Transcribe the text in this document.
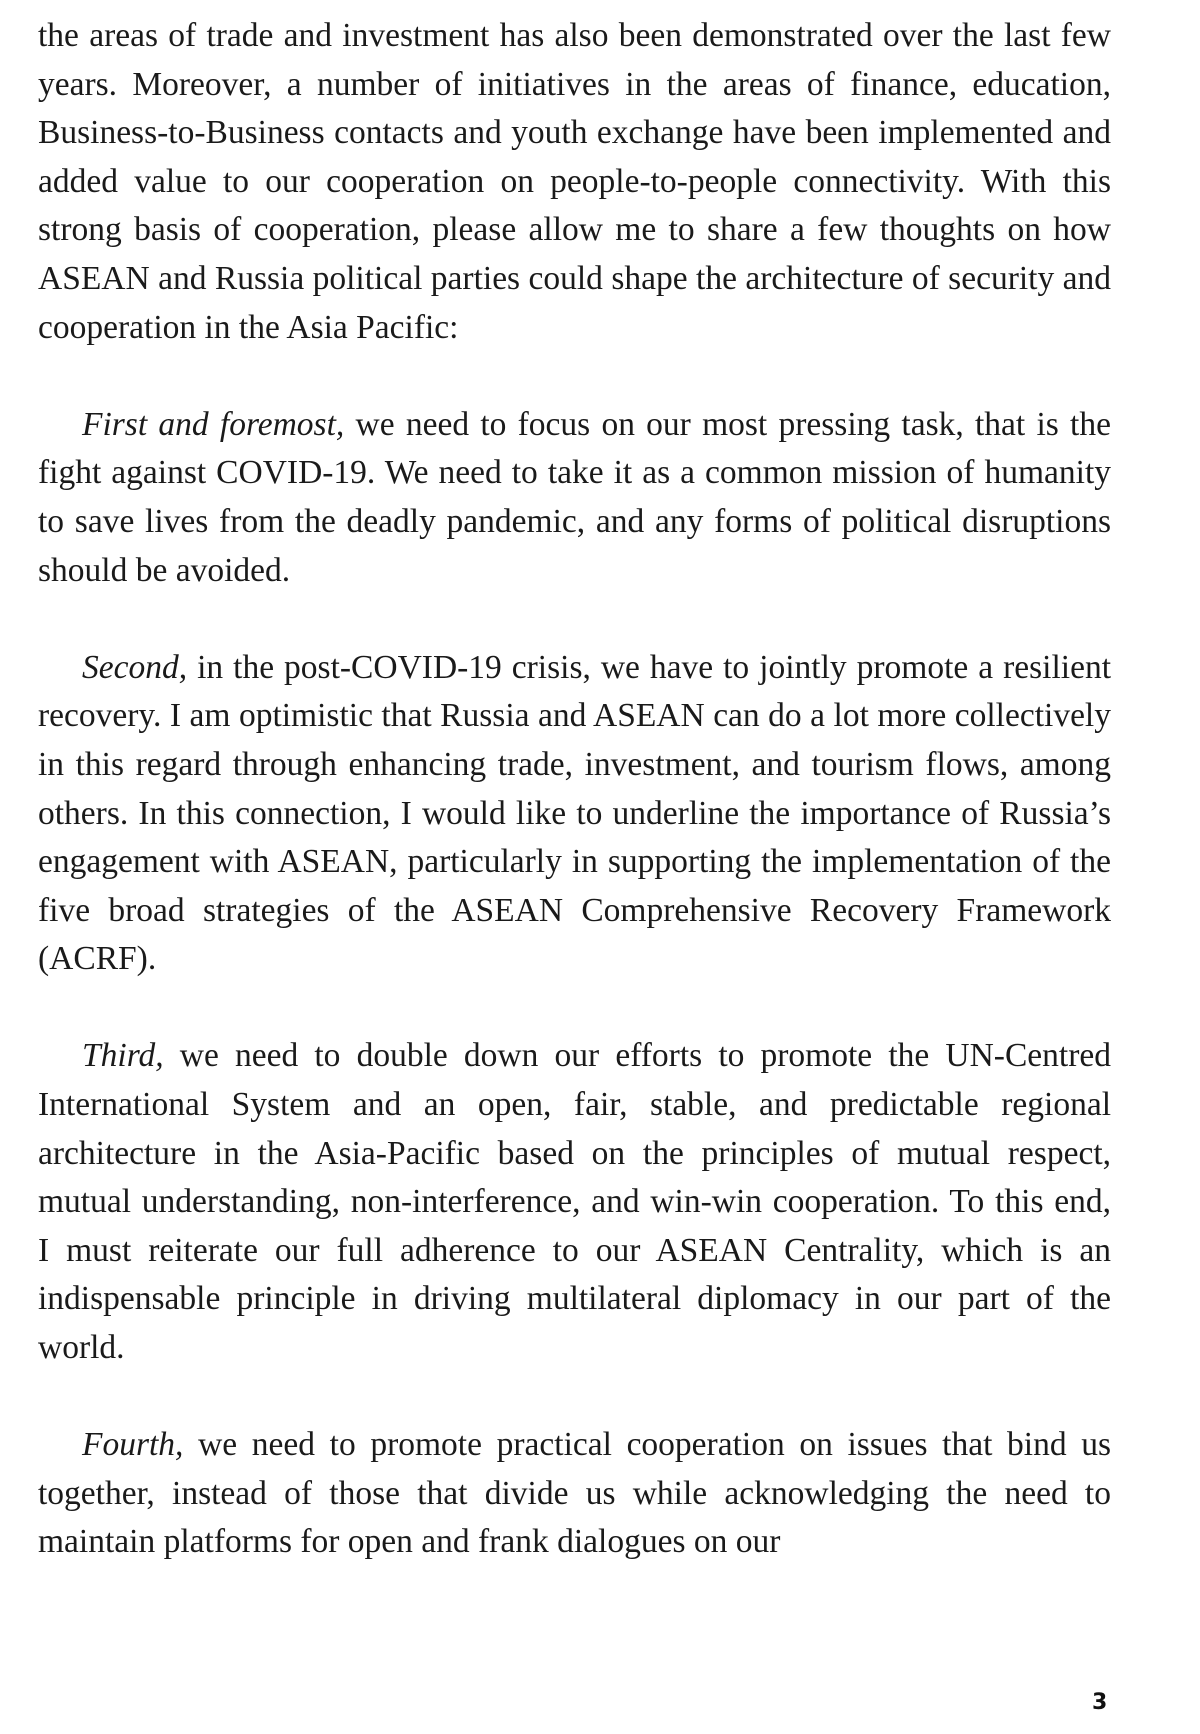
the areas of trade and investment has also been demonstrated over the last few years. Moreover, a number of initiatives in the areas of finance, education, Business-to-Business contacts and youth exchange have been implemented and added value to our cooperation on people-to-people connectivity. With this strong basis of cooperation, please allow me to share a few thoughts on how ASEAN and Russia political parties could shape the architecture of security and cooperation in the Asia Pacific:

First and foremost, we need to focus on our most pressing task, that is the fight against COVID-19. We need to take it as a common mission of humanity to save lives from the deadly pandemic, and any forms of political disruptions should be avoided.

Second, in the post-COVID-19 crisis, we have to jointly promote a resilient recovery. I am optimistic that Russia and ASEAN can do a lot more collectively in this regard through enhancing trade, investment, and tourism flows, among others. In this connection, I would like to underline the importance of Russia’s engagement with ASEAN, particularly in supporting the implementation of the five broad strategies of the ASEAN Comprehensive Recovery Framework (ACRF).

Third, we need to double down our efforts to promote the UN-Centred International System and an open, fair, stable, and predictable regional architecture in the Asia-Pacific based on the principles of mutual respect, mutual understanding, non-interference, and win-win cooperation. To this end, I must reiterate our full adherence to our ASEAN Centrality, which is an indispensable principle in driving multilateral diplomacy in our part of the world.

Fourth, we need to promote practical cooperation on issues that bind us together, instead of those that divide us while acknowledging the need to maintain platforms for open and frank dialogues on our

3
